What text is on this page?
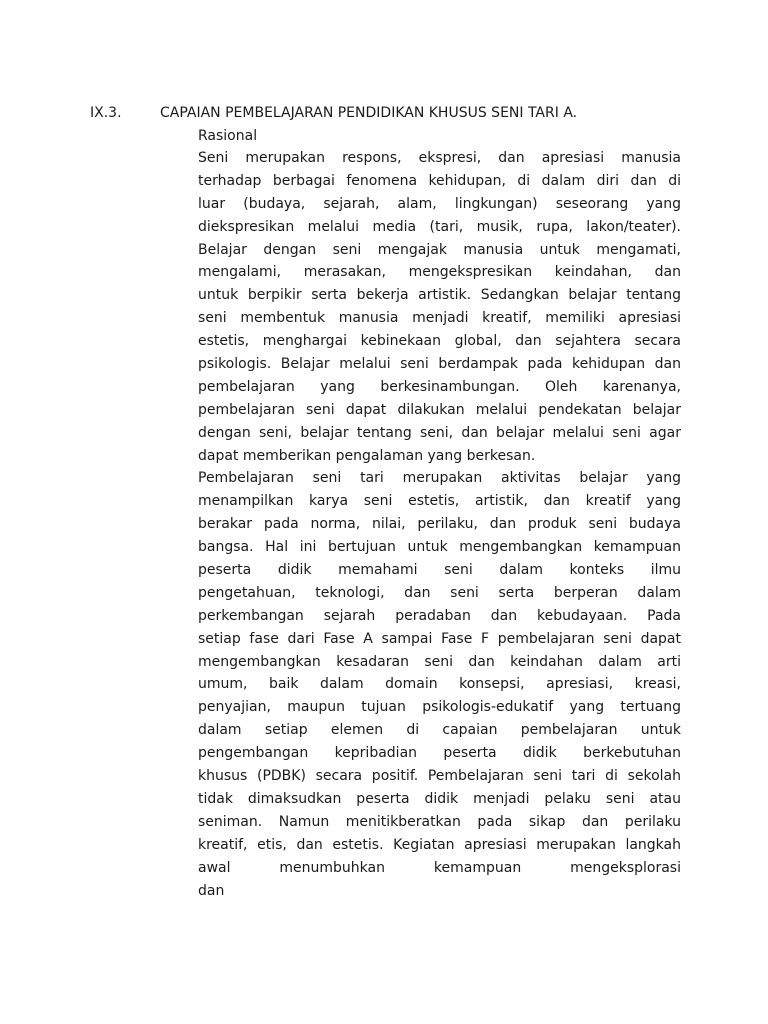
IX.3.	CAPAIAN PEMBELAJARAN PENDIDIKAN KHUSUS SENI TARI A.
Rasional
Seni merupakan respons, ekspresi, dan apresiasi manusia
terhadap berbagai fenomena kehidupan, di dalam diri dan di
luar (budaya, sejarah, alam, lingkungan) seseorang yang
diekspresikan melalui media (tari, musik, rupa, lakon/teater).
Belajar dengan seni mengajak manusia untuk mengamati,
mengalami, merasakan, mengekspresikan keindahan, dan
untuk berpikir serta bekerja artistik. Sedangkan belajar tentang
seni membentuk manusia menjadi kreatif, memiliki apresiasi
estetis, menghargai kebinekaan global, dan sejahtera secara
psikologis. Belajar melalui seni berdampak pada kehidupan dan
pembelajaran yang berkesinambungan. Oleh karenanya,
pembelajaran seni dapat dilakukan melalui pendekatan belajar
dengan seni, belajar tentang seni, dan belajar melalui seni agar
dapat memberikan pengalaman yang berkesan.
Pembelajaran seni tari merupakan aktivitas belajar yang
menampilkan karya seni estetis, artistik, dan kreatif yang
berakar pada norma, nilai, perilaku, dan produk seni budaya
bangsa. Hal ini bertujuan untuk mengembangkan kemampuan
peserta didik memahami seni dalam konteks ilmu
pengetahuan, teknologi, dan seni serta berperan dalam
perkembangan sejarah peradaban dan kebudayaan. Pada
setiap fase dari Fase A sampai Fase F pembelajaran seni dapat
mengembangkan kesadaran seni dan keindahan dalam arti
umum, baik dalam domain konsepsi, apresiasi, kreasi,
penyajian, maupun tujuan psikologis-edukatif yang tertuang
dalam setiap elemen di capaian pembelajaran untuk
pengembangan kepribadian peserta didik berkebutuhan
khusus (PDBK) secara positif. Pembelajaran seni tari di sekolah
tidak dimaksudkan peserta didik menjadi pelaku seni atau
seniman. Namun menitikberatkan pada sikap dan perilaku
kreatif, etis, dan estetis. Kegiatan apresiasi merupakan langkah
awal menumbuhkan kemampuan mengeksplorasi
dan
